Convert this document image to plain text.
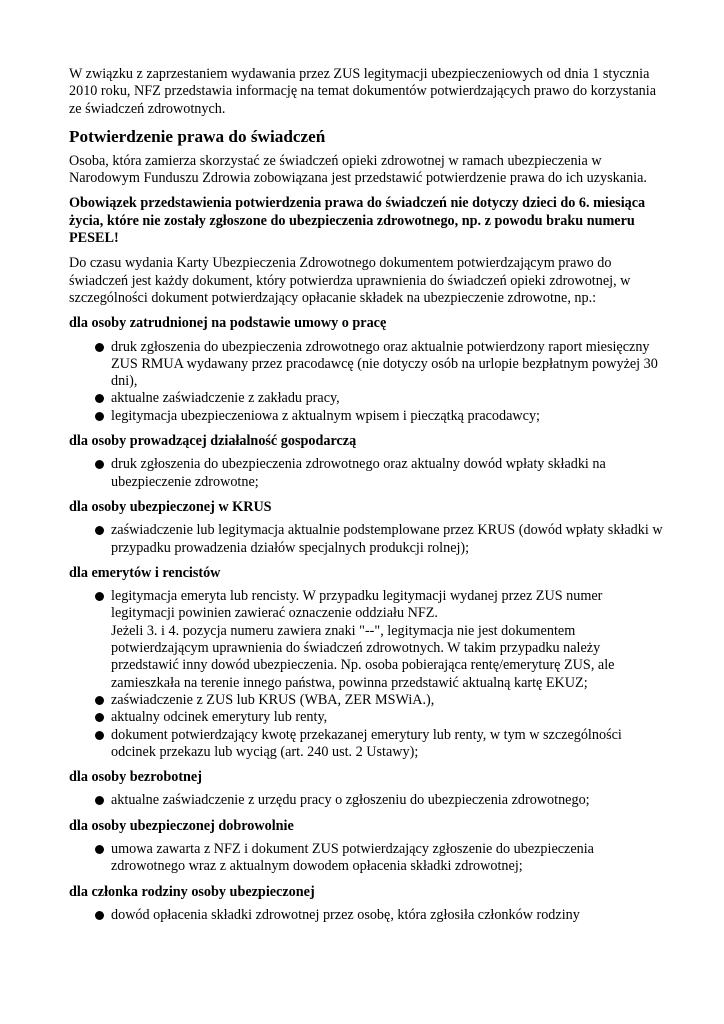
W związku z zaprzestaniem wydawania przez ZUS legitymacji ubezpieczeniowych od dnia 1 stycznia 2010 roku, NFZ przedstawia informację na temat dokumentów potwierdzających prawo do korzystania ze świadczeń zdrowotnych.

Potwierdzenie prawa do świadczeń

Osoba, która zamierza skorzystać ze świadczeń opieki zdrowotnej w ramach ubezpieczenia w Narodowym Funduszu Zdrowia zobowiązana jest przedstawić potwierdzenie prawa do ich uzyskania.

Obowiązek przedstawienia potwierdzenia prawa do świadczeń nie dotyczy dzieci do 6. miesiąca życia, które nie zostały zgłoszone do ubezpieczenia zdrowotnego, np. z powodu braku numeru PESEL!

Do czasu wydania Karty Ubezpieczenia Zdrowotnego dokumentem potwierdzającym prawo do świadczeń jest każdy dokument, który potwierdza uprawnienia do świadczeń opieki zdrowotnej, w szczególności dokument potwierdzający opłacanie składek na ubezpieczenie zdrowotne, np.:

dla osoby zatrudnionej na podstawie umowy o pracę

druk zgłoszenia do ubezpieczenia zdrowotnego oraz aktualnie potwierdzony raport miesięczny ZUS RMUA wydawany przez pracodawcę (nie dotyczy osób na urlopie bezpłatnym powyżej 30 dni),
aktualne zaświadczenie z zakładu pracy,
legitymacja ubezpieczeniowa z aktualnym wpisem i pieczątką pracodawcy;

dla osoby prowadzącej działalność gospodarczą

druk zgłoszenia do ubezpieczenia zdrowotnego oraz aktualny dowód wpłaty składki na ubezpieczenie zdrowotne;

dla osoby ubezpieczonej w KRUS

zaświadczenie lub legitymacja aktualnie podstemplowane przez KRUS (dowód wpłaty składki w przypadku prowadzenia działów specjalnych produkcji rolnej);

dla emerytów i rencistów

legitymacja emeryta lub rencisty. W przypadku legitymacji wydanej przez ZUS numer legitymacji powinien zawierać oznaczenie oddziału NFZ.
Jeżeli 3. i 4. pozycja numeru zawiera znaki "--", legitymacja nie jest dokumentem potwierdzającym uprawnienia do świadczeń zdrowotnych. W takim przypadku należy przedstawić inny dowód ubezpieczenia. Np. osoba pobierająca rentę/emeryturę ZUS, ale zamieszkała na terenie innego państwa, powinna przedstawić aktualną kartę EKUZ;
zaświadczenie z ZUS lub KRUS (WBA, ZER MSWiA.),
aktualny odcinek emerytury lub renty,
dokument potwierdzający kwotę przekazanej emerytury lub renty, w tym w szczególności odcinek przekazu lub wyciąg (art. 240 ust. 2 Ustawy);

dla osoby bezrobotnej

aktualne zaświadczenie z urzędu pracy o zgłoszeniu do ubezpieczenia zdrowotnego;

dla osoby ubezpieczonej dobrowolnie

umowa zawarta z NFZ i dokument ZUS potwierdzający zgłoszenie do ubezpieczenia zdrowotnego wraz z aktualnym dowodem opłacenia składki zdrowotnej;

dla członka rodziny osoby ubezpieczonej

dowód opłacenia składki zdrowotnej przez osobę, która zgłosiła członków rodziny
